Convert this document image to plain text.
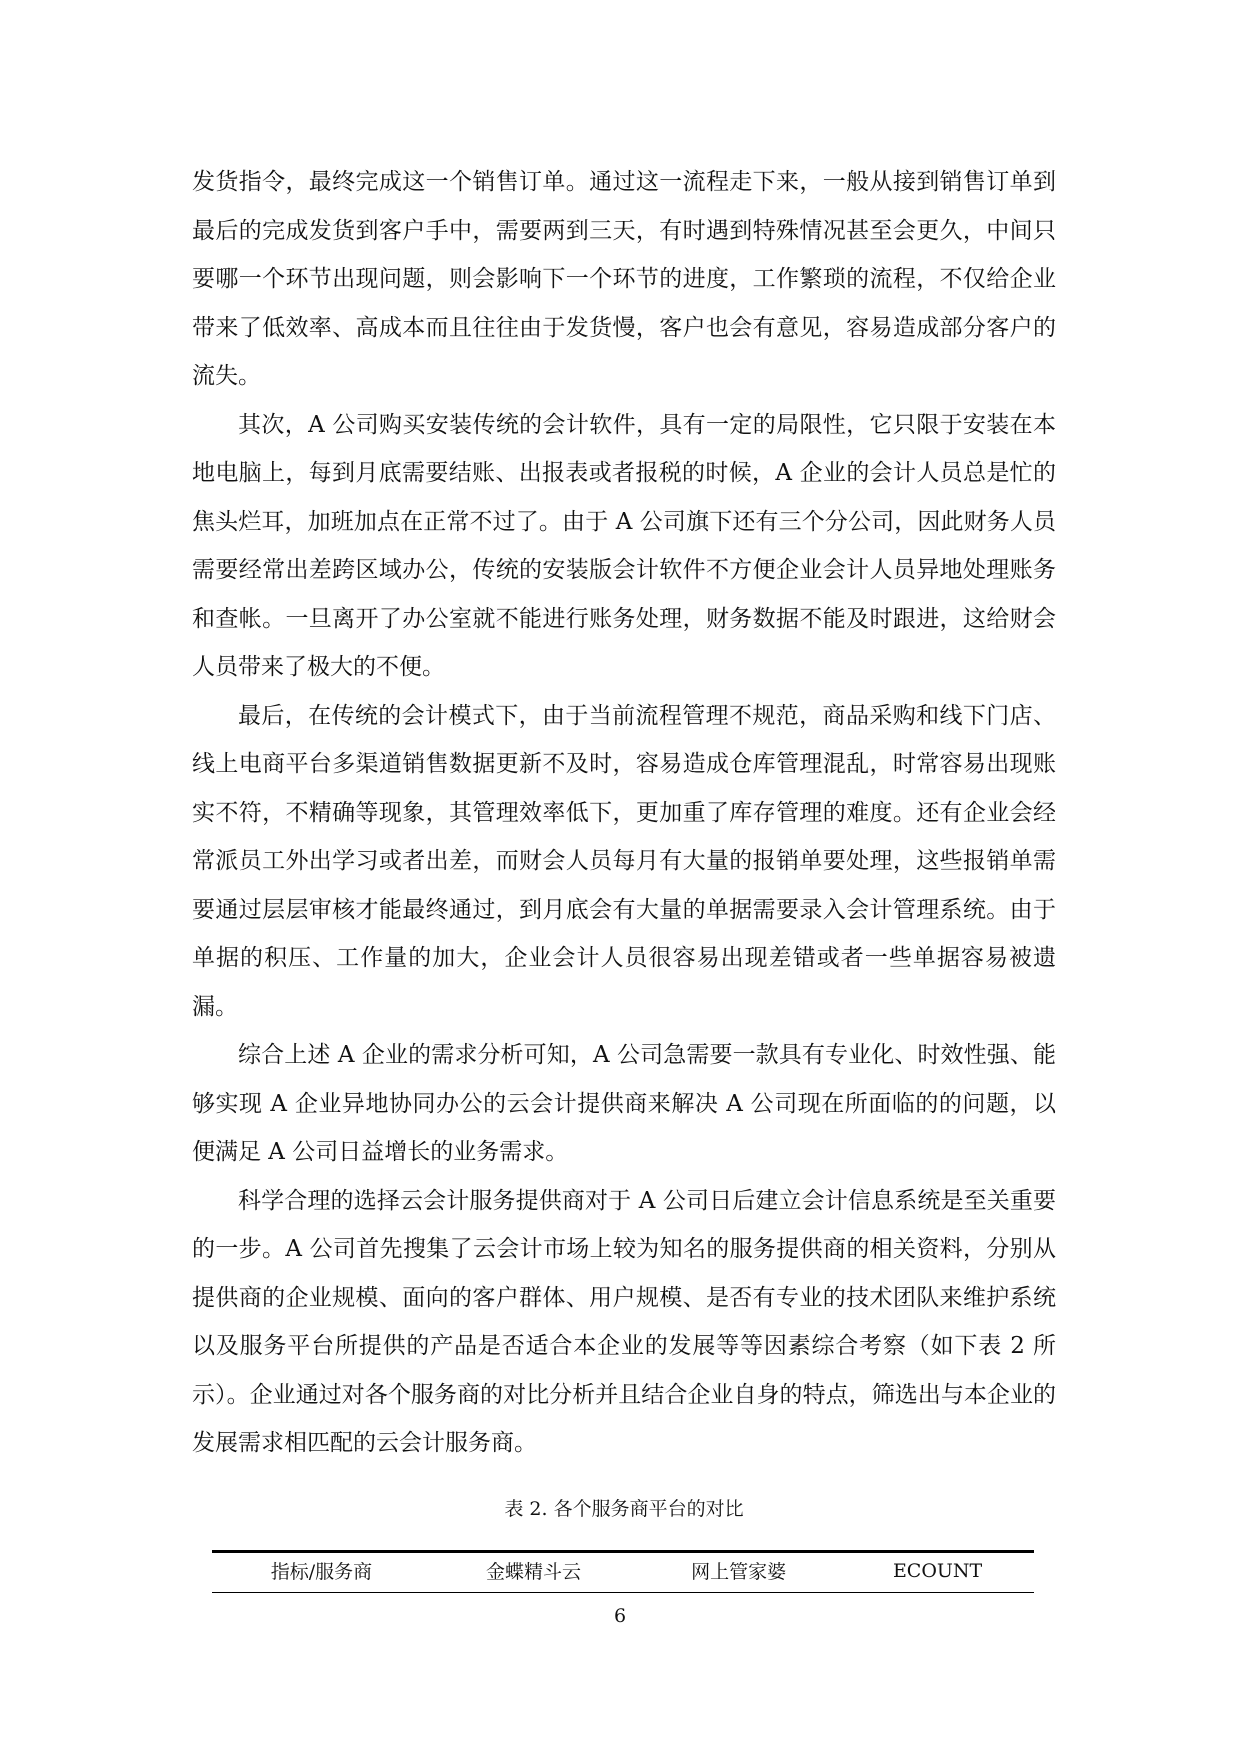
发货指令，最终完成这一个销售订单。通过这一流程走下来，一般从接到销售订单到最后的完成发货到客户手中，需要两到三天，有时遇到特殊情况甚至会更久，中间只要哪一个环节出现问题，则会影响下一个环节的进度，工作繁琐的流程，不仅给企业带来了低效率、高成本而且往往由于发货慢，客户也会有意见，容易造成部分客户的流失。

其次，A 公司购买安装传统的会计软件，具有一定的局限性，它只限于安装在本地电脑上，每到月底需要结账、出报表或者报税的时候，A 企业的会计人员总是忙的焦头烂耳，加班加点在正常不过了。由于 A 公司旗下还有三个分公司，因此财务人员需要经常出差跨区域办公，传统的安装版会计软件不方便企业会计人员异地处理账务和查帐。一旦离开了办公室就不能进行账务处理，财务数据不能及时跟进，这给财会人员带来了极大的不便。

最后，在传统的会计模式下，由于当前流程管理不规范，商品采购和线下门店、线上电商平台多渠道销售数据更新不及时，容易造成仓库管理混乱，时常容易出现账实不符，不精确等现象，其管理效率低下，更加重了库存管理的难度。还有企业会经常派员工外出学习或者出差，而财会人员每月有大量的报销单要处理，这些报销单需要通过层层审核才能最终通过，到月底会有大量的单据需要录入会计管理系统。由于单据的积压、工作量的加大，企业会计人员很容易出现差错或者一些单据容易被遗漏。

综合上述 A 企业的需求分析可知，A 公司急需要一款具有专业化、时效性强、能够实现 A 企业异地协同办公的云会计提供商来解决 A 公司现在所面临的的问题，以便满足 A 公司日益增长的业务需求。

科学合理的选择云会计服务提供商对于 A 公司日后建立会计信息系统是至关重要的一步。A 公司首先搜集了云会计市场上较为知名的服务提供商的相关资料，分别从提供商的企业规模、面向的客户群体、用户规模、是否有专业的技术团队来维护系统以及服务平台所提供的产品是否适合本企业的发展等等因素综合考察（如下表 2 所示）。企业通过对各个服务商的对比分析并且结合企业自身的特点，筛选出与本企业的发展需求相匹配的云会计服务商。

表 2. 各个服务商平台的对比
指标/服务商	金蝶精斗云	网上管家婆	ECOUNT
6
